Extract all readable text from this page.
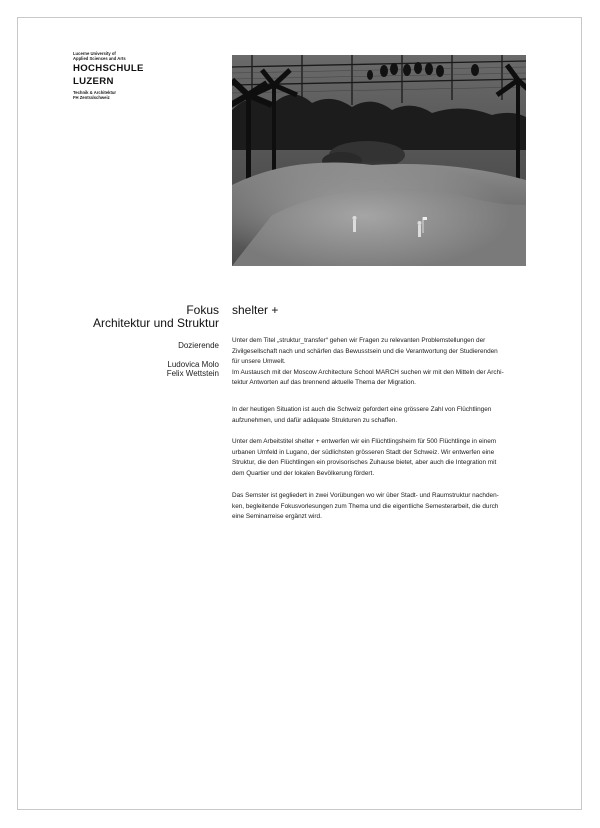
Lucerne University of
Applied Sciences and Arts
HOCHSCHULE
LUZERN
Technik & Architektur
FH Zentralschweiz
Fokus
Architektur und Struktur
Dozierende
Ludovica Molo
Felix Wettstein
shelter +
Unter dem Titel „struktur_transfer“ gehen wir Fragen zu relevanten Problemstellungen der
Zivilgesellschaft nach und schärfen das Bewusstsein und die Verantwortung der Studierenden
für unsere Umwelt.
Im Austausch mit der Moscow Architecture School MARCH suchen wir mit den Mitteln der Archi-
tektur Antworten auf das brennend aktuelle Thema der Migration.
In der heutigen Situation ist auch die Schweiz gefordert eine grössere Zahl von Flüchtlingen
aufzunehmen, und dafür adäquate Strukturen zu schaffen.
Unter dem Arbeitstitel shelter + entwerfen wir ein Flüchtlingsheim für 500 Flüchtlinge in einem
urbanen Umfeld in Lugano, der südlichsten grösseren Stadt der Schweiz. Wir entwerfen eine
Struktur, die den Flüchtlingen ein provisorisches Zuhause bietet, aber auch die Integration mit
dem Quartier und der lokalen Bevölkerung fördert.
Das Semster ist gegliedert in zwei Vorübungen wo wir über Stadt- und Raumstruktur nachden-
ken, begleitende Fokusvorlesungen zum Thema und die eigentliche Semesterarbeit, die durch
eine Seminarreise ergänzt wird.
